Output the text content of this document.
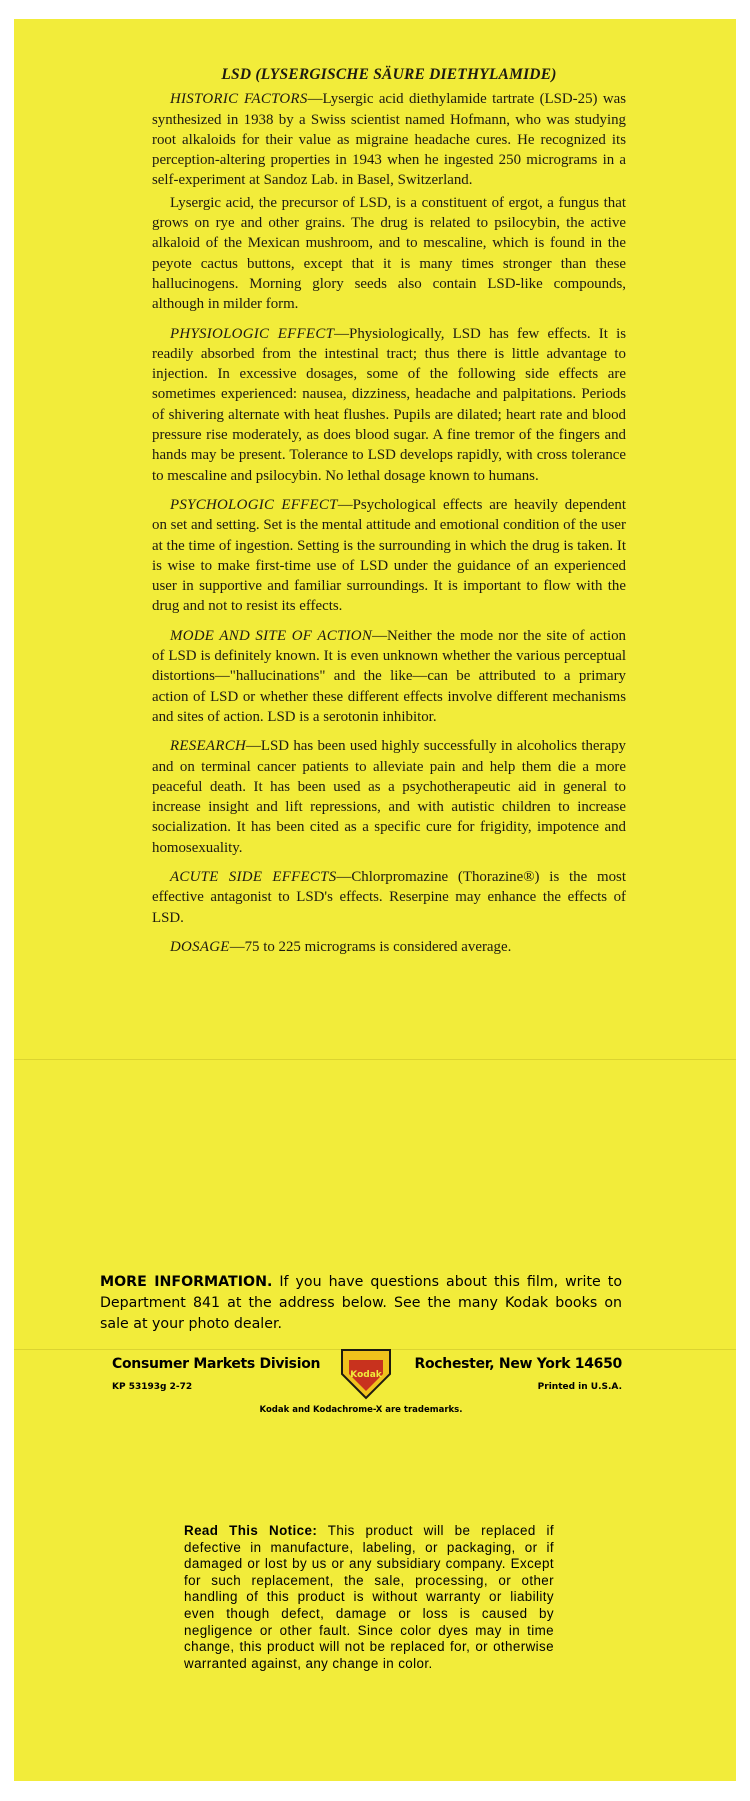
LSD (LYSERGISCHE SÄURE DIETHYLAMIDE)

HISTORIC FACTORS—Lysergic acid diethylamide tartrate (LSD-25) was synthesized in 1938 by a Swiss scientist named Hofmann, who was studying root alkaloids for their value as migraine headache cures. He recognized its perception-altering properties in 1943 when he ingested 250 micrograms in a self-experiment at Sandoz Lab. in Basel, Switzerland.

Lysergic acid, the precursor of LSD, is a constituent of ergot, a fungus that grows on rye and other grains. The drug is related to psilocybin, the active alkaloid of the Mexican mushroom, and to mescaline, which is found in the peyote cactus buttons, except that it is many times stronger than these hallucinogens. Morning glory seeds also contain LSD-like compounds, although in milder form.

PHYSIOLOGIC EFFECT—Physiologically, LSD has few effects. It is readily absorbed from the intestinal tract; thus there is little advantage to injection. In excessive dosages, some of the following side effects are sometimes experienced: nausea, dizziness, headache and palpitations. Periods of shivering alternate with heat flushes. Pupils are dilated; heart rate and blood pressure rise moderately, as does blood sugar. A fine tremor of the fingers and hands may be present. Tolerance to LSD develops rapidly, with cross tolerance to mescaline and psilocybin. No lethal dosage known to humans.

PSYCHOLOGIC EFFECT—Psychological effects are heavily dependent on set and setting. Set is the mental attitude and emotional condition of the user at the time of ingestion. Setting is the surrounding in which the drug is taken. It is wise to make first-time use of LSD under the guidance of an experienced user in supportive and familiar surroundings. It is important to flow with the drug and not to resist its effects.

MODE AND SITE OF ACTION—Neither the mode nor the site of action of LSD is definitely known. It is even unknown whether the various perceptual distortions—"hallucinations" and the like—can be attributed to a primary action of LSD or whether these different effects involve different mechanisms and sites of action. LSD is a serotonin inhibitor.

RESEARCH—LSD has been used highly successfully in alcoholics therapy and on terminal cancer patients to alleviate pain and help them die a more peaceful death. It has been used as a psychotherapeutic aid in general to increase insight and lift repressions, and with autistic children to increase socialization. It has been cited as a specific cure for frigidity, impotence and homosexuality.

ACUTE SIDE EFFECTS—Chlorpromazine (Thorazine®) is the most effective antagonist to LSD's effects. Reserpine may enhance the effects of LSD.

DOSAGE—75 to 225 micrograms is considered average.

MORE INFORMATION. If you have questions about this film, write to Department 841 at the address below. See the many Kodak books on sale at your photo dealer.
Consumer Markets Division
Kodak
Rochester, New York 14650
KP 53193g 2-72	Printed in U.S.A.
Kodak and Kodachrome-X are trademarks.
Read This Notice: This product will be replaced if defective in manufacture, labeling, or packaging, or if damaged or lost by us or any subsidiary company. Except for such replacement, the sale, processing, or other handling of this product is without warranty or liability even though defect, damage or loss is caused by negligence or other fault. Since color dyes may in time change, this product will not be replaced for, or otherwise warranted against, any change in color.
